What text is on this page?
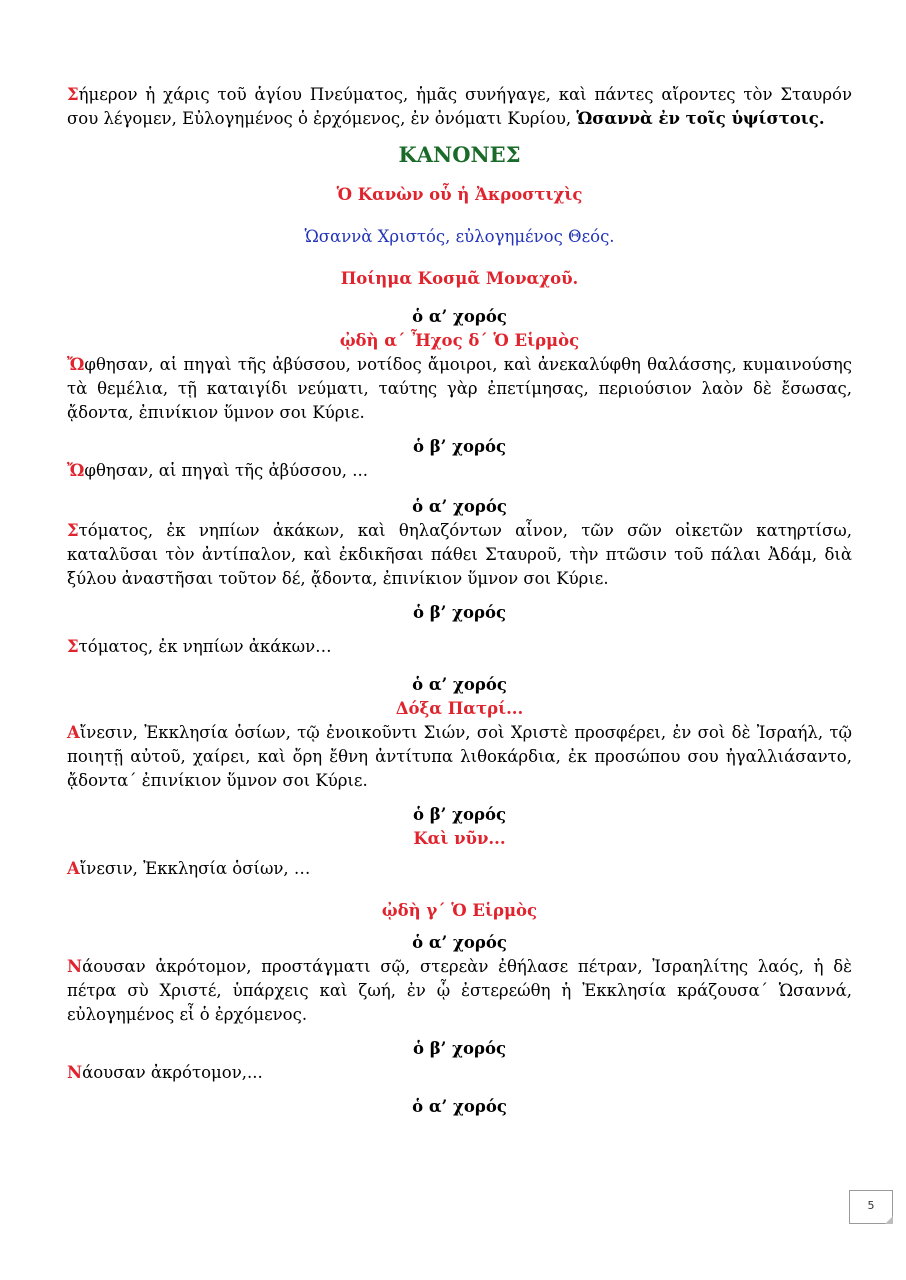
Σήμερον ἡ χάρις τοῦ ἁγίου Πνεύματος, ἡμᾶς συνήγαγε, καὶ πάντες αἴροντες τὸν Σταυρόν σου λέγομεν, Εὐλογημένος ὁ ἐρχόμενος, ἐν ὀνόματι Κυρίου, Ὡσαννὰ ἐν τοῖς ὑψίστοις.

ΚΑΝΟΝΕΣ

Ὁ Κανὼν οὗ ἡ Ἀκροστιχὶς

Ὡσαννὰ Χριστός, εὐλογημένος Θεός.

Ποίημα Κοσμᾶ Μοναχοῦ.

ὁ α’ χορός

ᾠδὴ α΄ Ἦχος δ΄ Ὁ Εἱρμὸς

Ὤφθησαν, αἱ πηγαὶ τῆς ἀβύσσου, νοτίδος ἄμοιροι, καὶ ἀνεκαλύφθη θαλάσσης, κυμαινούσης τὰ θεμέλια, τῇ καταιγίδι νεύματι, ταύτης γὰρ ἐπετίμησας, περιούσιον λαὸν δὲ ἔσωσας, ᾄδοντα, ἐπινίκιον ὕμνον σοι Κύριε.

ὁ β’ χορός

Ὤφθησαν, αἱ πηγαὶ τῆς ἀβύσσου, ...

ὁ α’ χορός

Στόματος, ἐκ νηπίων ἀκάκων, καὶ θηλαζόντων αἶνον, τῶν σῶν οἰκετῶν κατηρτίσω, καταλῦσαι τὸν ἀντίπαλον, καὶ ἐκδικῆσαι πάθει Σταυροῦ, τὴν πτῶσιν τοῦ πάλαι Ἀδάμ, διὰ ξύλου ἀναστῆσαι τοῦτον δέ, ᾄδοντα, ἐπινίκιον ὕμνον σοι Κύριε.

ὁ β’ χορός

Στόματος, ἐκ νηπίων ἀκάκων…

ὁ α’ χορός

Δόξα Πατρί...

Αἴνεσιν, Ἐκκλησία ὁσίων, τῷ ἐνοικοῦντι Σιών, σοὶ Χριστὲ προσφέρει, ἐν σοὶ δὲ Ἰσραήλ, τῷ ποιητῇ αὐτοῦ, χαίρει, καὶ ὄρη ἔθνη ἀντίτυπα λιθοκάρδια, ἐκ προσώπου σου ἠγαλλιάσαντο, ᾄδοντα΄ ἐπινίκιον ὕμνον σοι Κύριε.

ὁ β’ χορός

Καὶ νῦν...

Αἴνεσιν, Ἐκκλησία ὁσίων, …

ᾠδὴ γ΄ Ὁ Εἱρμὸς

ὁ α’ χορός

Νάουσαν ἀκρότομον, προστάγματι σῷ, στερεὰν ἐθήλασε πέτραν, Ἰσραηλίτης λαός, ἡ δὲ πέτρα σὺ Χριστέ, ὑπάρχεις καὶ ζωή, ἐν ᾧ ἐστερεώθη ἡ Ἐκκλησία κράζουσα΄ Ὡσαννά, εὐλογημένος εἶ ὁ ἐρχόμενος.

ὁ β’ χορός

Νάουσαν ἀκρότομον,...

ὁ α’ χορός

5
